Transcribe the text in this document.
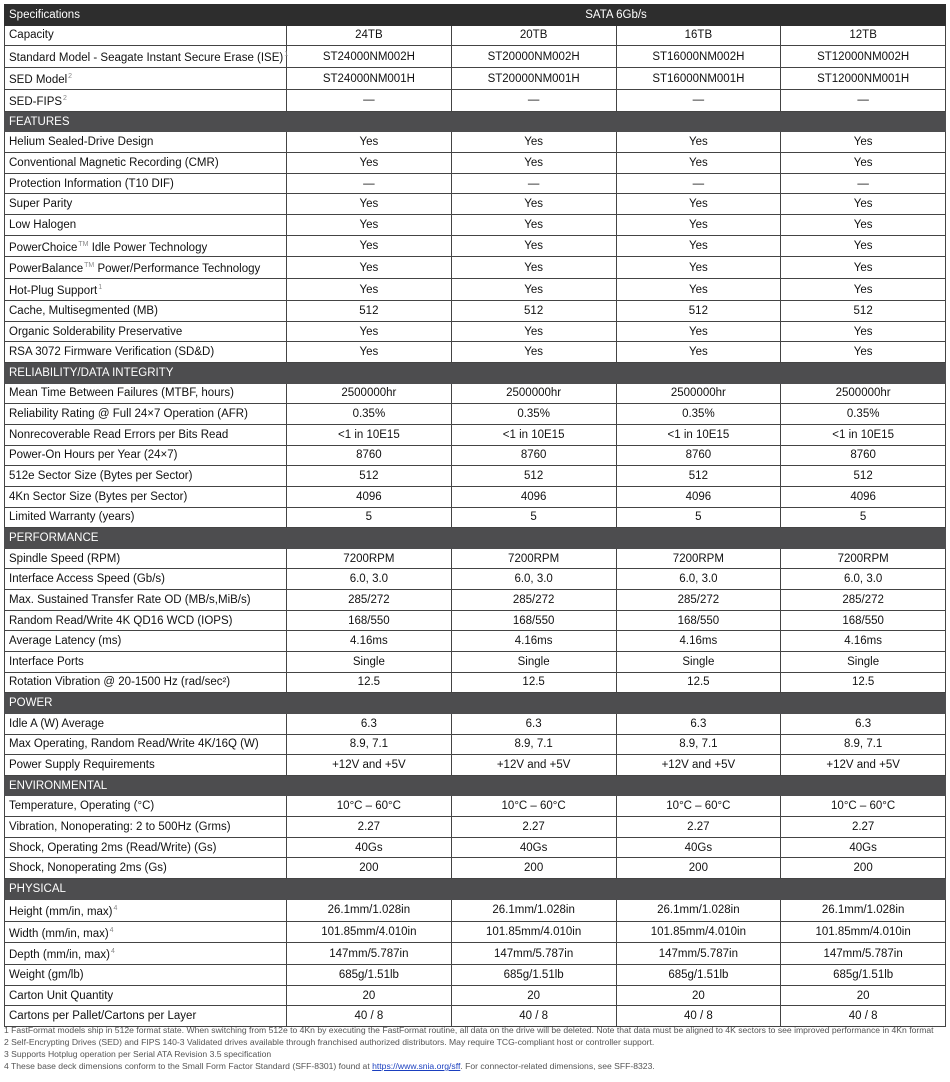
Specifications	SATA 6Gb/s			
Capacity	24TB	20TB	16TB	12TB
Standard Model - Seagate Instant Secure Erase (ISE)$^1$	ST24000NM002H	ST20000NM002H	ST16000NM002H	ST12000NM002H
SED Model$^2$	ST24000NM001H	ST20000NM001H	ST16000NM001H	ST12000NM001H
SED-FIPS$^2$	—	—	—	—
FEATURES				
Helium Sealed-Drive Design	Yes	Yes	Yes	Yes
Conventional Magnetic Recording (CMR)	Yes	Yes	Yes	Yes
Protection Information (T10 DIF)	—	—	—	—
Super Parity	Yes	Yes	Yes	Yes
Low Halogen	Yes	Yes	Yes	Yes
PowerChoice™ Idle Power Technology	Yes	Yes	Yes	Yes
PowerBalance™ Power/Performance Technology	Yes	Yes	Yes	Yes
Hot-Plug Support$^1$	Yes	Yes	Yes	Yes
Cache, Multisegmented (MB)	512	512	512	512
Organic Solderability Preservative	Yes	Yes	Yes	Yes
RSA 3072 Firmware Verification (SD&D)	Yes	Yes	Yes	Yes
RELIABILITY/DATA INTEGRITY				
Mean Time Between Failures (MTBF, hours)	2500000hr	2500000hr	2500000hr	2500000hr
Reliability Rating @ Full 24×7 Operation (AFR)	0.35%	0.35%	0.35%	0.35%
Nonrecoverable Read Errors per Bits Read	<1 in 10E15	<1 in 10E15	<1 in 10E15	<1 in 10E15
Power-On Hours per Year (24×7)	8760	8760	8760	8760
512e Sector Size (Bytes per Sector)	512	512	512	512
4Kn Sector Size (Bytes per Sector)	4096	4096	4096	4096
Limited Warranty (years)	5	5	5	5
PERFORMANCE				
Spindle Speed (RPM)	7200RPM	7200RPM	7200RPM	7200RPM
Interface Access Speed (Gb/s)	6.0, 3.0	6.0, 3.0	6.0, 3.0	6.0, 3.0
Max. Sustained Transfer Rate OD (MB/s,MiB/s)	285/272	285/272	285/272	285/272
Random Read/Write 4K QD16 WCD (IOPS)	168/550	168/550	168/550	168/550
Average Latency (ms)	4.16ms	4.16ms	4.16ms	4.16ms
Interface Ports	Single	Single	Single	Single
Rotation Vibration @ 20-1500 Hz (rad/sec²)	12.5	12.5	12.5	12.5
POWER				
Idle A (W) Average	6.3	6.3	6.3	6.3
Max Operating, Random Read/Write 4K/16Q (W)	8.9, 7.1	8.9, 7.1	8.9, 7.1	8.9, 7.1
Power Supply Requirements	+12V and +5V	+12V and +5V	+12V and +5V	+12V and +5V
ENVIRONMENTAL				
Temperature, Operating (°C)	10°C – 60°C	10°C – 60°C	10°C – 60°C	10°C – 60°C
Vibration, Nonoperating: 2 to 500Hz (Grms)	2.27	2.27	2.27	2.27
Shock, Operating 2ms (Read/Write) (Gs)	40Gs	40Gs	40Gs	40Gs
Shock, Nonoperating 2ms (Gs)	200	200	200	200
PHYSICAL				
Height (mm/in, max)$^4$	26.1mm/1.028in	26.1mm/1.028in	26.1mm/1.028in	26.1mm/1.028in
Width (mm/in, max)$^4$	101.85mm/4.010in	101.85mm/4.010in	101.85mm/4.010in	101.85mm/4.010in
Depth (mm/in, max)$^4$	147mm/5.787in	147mm/5.787in	147mm/5.787in	147mm/5.787in
Weight (gm/lb)	685g/1.51lb	685g/1.51lb	685g/1.51lb	685g/1.51lb
Carton Unit Quantity	20	20	20	20
Cartons per Pallet/Cartons per Layer	40 / 8	40 / 8	40 / 8	40 / 8

1 FastFormat models ship in 512e format state. When switching from 512e to 4Kn by executing the FastFormat routine, all data on the drive will be deleted. Note that data must be aligned to 4K sectors to see improved performance in 4Kn format

2 Self-Encrypting Drives (SED) and FIPS 140-3 Validated drives available through franchised authorized distributors. May require TCG-compliant host or controller support.

3 Supports Hotplug operation per Serial ATA Revision 3.5 specification

4 These base deck dimensions conform to the Small Form Factor Standard (SFF-8301) found at https://www.snia.org/sff. For connector-related dimensions, see SFF-8323.
